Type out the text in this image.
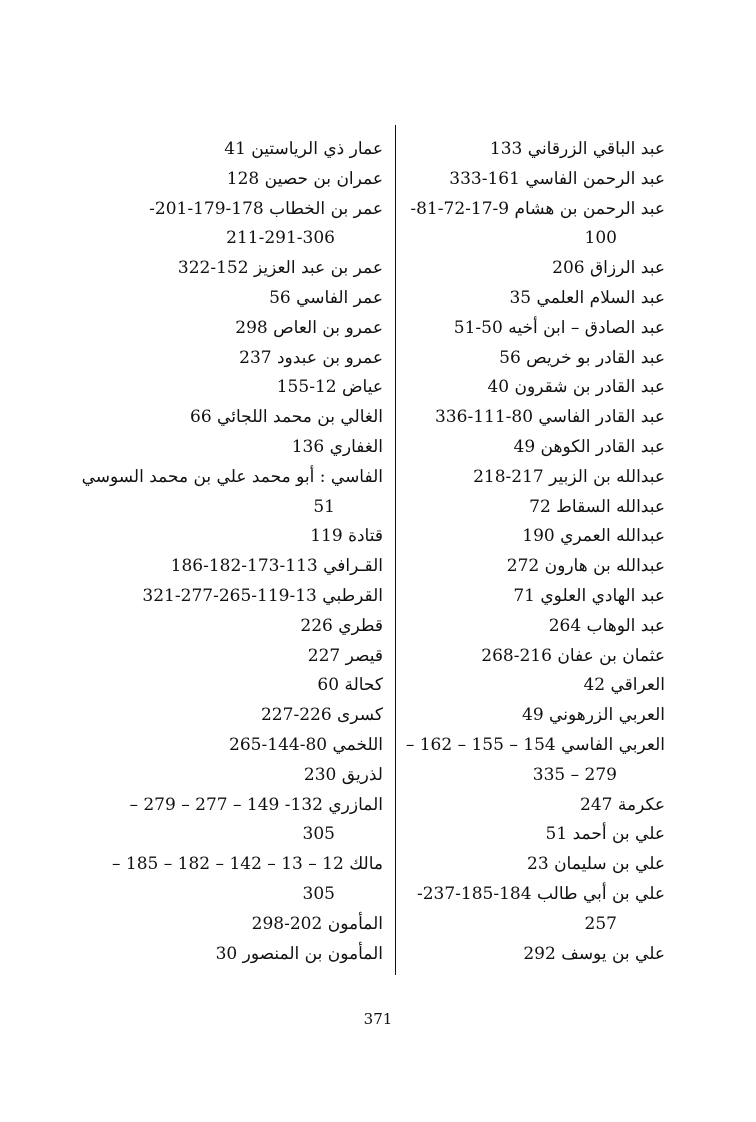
عبد الباقي الزرقاني 133
عبد الرحمن الفاسي 161-333
عبد الرحمن بن هشام 9-17-72-81-
100
عبد الرزاق 206
عبد السلام العلمي 35
عبد الصادق – ابن أخيه 50-51
عبد القادر بو خريص 56
عبد القادر بن شقرون 40
عبد القادر الفاسي 80-111-336
عبد القادر الكوهن 49
عبدالله بن الزبير 217-218
عبدالله السقاط 72
عبدالله العمري 190
عبدالله بن هارون 272
عبد الهادي العلوي 71
عبد الوهاب 264
عثمان بن عفان 216-268
العراقي 42
العربي الزرهوني 49
العربي الفاسي 154 – 155 – 162 –
279 – 335
عكرمة 247
علي بن أحمد 51
علي بن سليمان 23
علي بن أبي طالب 184-185-237-
257
علي بن يوسف 292
عمار ذي الرياستين 41
عمران بن حصين 128
عمر بن الخطاب 178-179-201-
211-291-306
عمر بن عبد العزيز 152-322
عمر الفاسي 56
عمرو بن العاص 298
عمرو بن عبدود 237
عياض 12-155
الغالي بن محمد اللجائي 66
الغفاري 136
الفاسي : أبو محمد علي بن محمد السوسي
51
قتادة 119
القـرافي 113-173-182-186
القرطبي 13-119-265-277-321
قطري 226
قيصر 227
كحالة 60
كسرى 226-227
اللخمي 80-144-265
لذريق 230
المازري 132- 149 – 277 – 279 –
305
مالك 12 – 13 – 142 – 182 – 185 –
305
المأمون 202-298
المأمون بن المنصور 30
371
